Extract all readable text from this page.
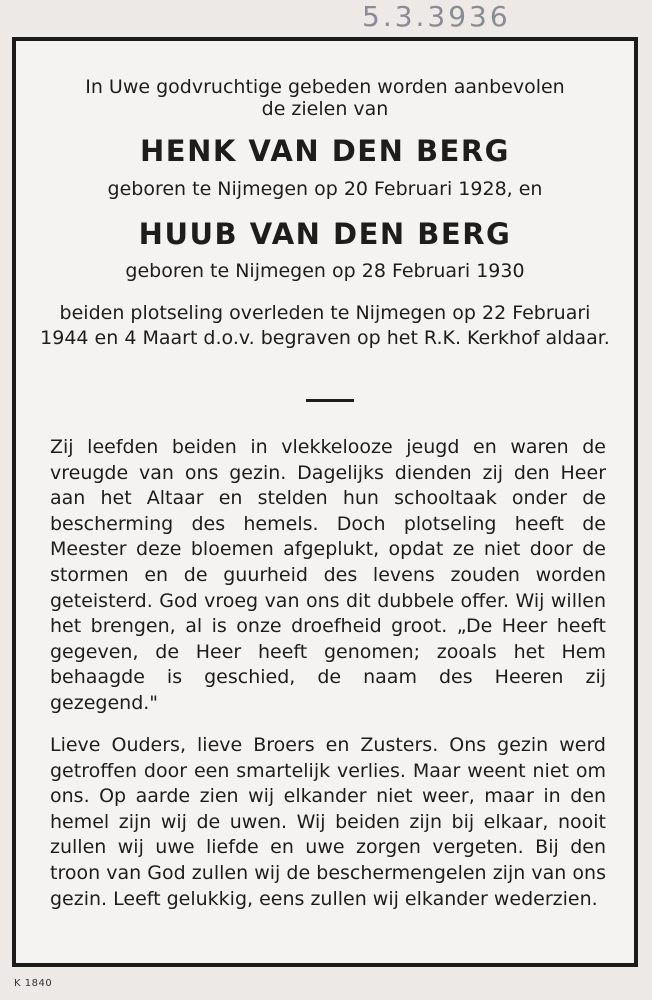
5.3.3936
In Uwe godvruchtige gebeden worden aanbevolen
de zielen van
HENK VAN DEN BERG
geboren te Nijmegen op 20 Februari 1928, en
HUUB VAN DEN BERG
geboren te Nijmegen op 28 Februari 1930
beiden plotseling overleden te Nijmegen op 22 Februari 1944 en 4 Maart d.o.v. begraven op het R.K. Kerkhof aldaar.
Zij leefden beiden in vlekkelooze jeugd en waren de vreugde van ons gezin. Dagelijks dienden zij den Heer aan het Altaar en stelden hun schooltaak onder de bescherming des hemels. Doch plotseling heeft de Meester deze bloemen afgeplukt, opdat ze niet door de stormen en de guurheid des levens zouden worden geteisterd. God vroeg van ons dit dubbele offer. Wij willen het brengen, al is onze droefheid groot. „De Heer heeft gegeven, de Heer heeft genomen; zooals het Hem behaagde is geschied, de naam des Heeren zij gezegend."
Lieve Ouders, lieve Broers en Zusters. Ons gezin werd getroffen door een smartelijk verlies. Maar weent niet om ons. Op aarde zien wij elkander niet weer, maar in den hemel zijn wij de uwen. Wij beiden zijn bij elkaar, nooit zullen wij uwe liefde en uwe zorgen vergeten. Bij den troon van God zullen wij de beschermengelen zijn van ons gezin. Leeft gelukkig, eens zullen wij elkander wederzien.
K 1840
